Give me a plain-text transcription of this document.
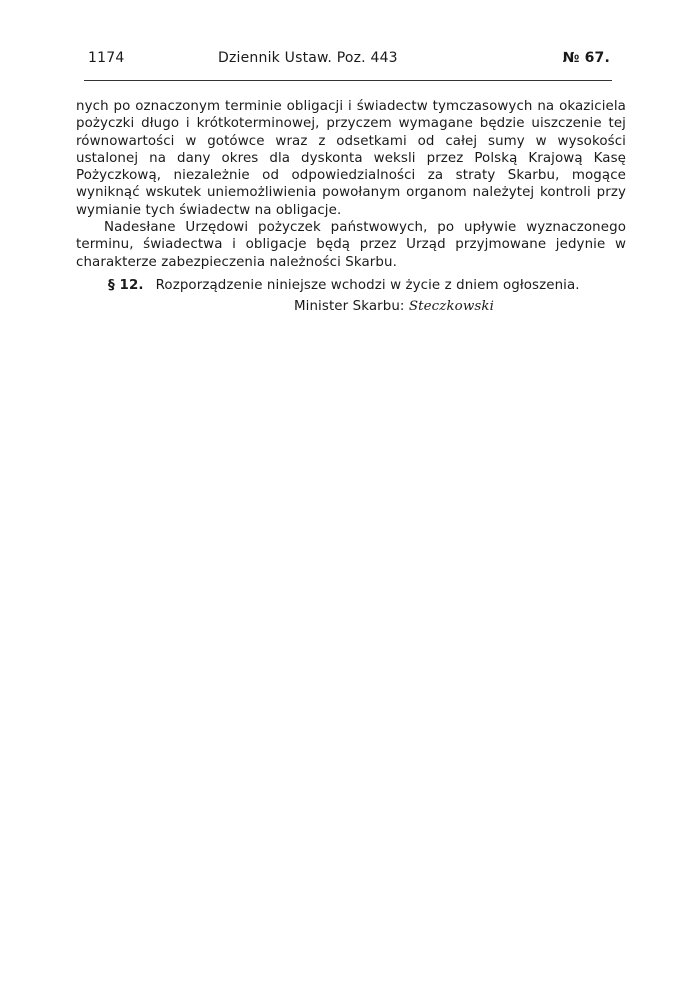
1174	Dziennik Ustaw. Poz. 443	№ 67.

nych po oznaczonym terminie obligacji i świadectw tymczasowych na okaziciela pożyczki długo i krótkoterminowej, przyczem wymagane będzie uiszczenie tej równowartości w gotówce wraz z odsetkami od całej sumy w wysokości ustalonej na dany okres dla dyskonta weksli przez Polską Krajową Kasę Pożyczkową, niezależnie od odpowiedzialności za straty Skarbu, mogące wyniknąć wskutek uniemożliwienia powołanym organom należytej kontroli przy wymianie tych świadectw na obligacje.

Nadesłane Urzędowi pożyczek państwowych, po upływie wyznaczonego terminu, świadectwa i obligacje będą przez Urząd przyjmowane jedynie w charakterze zabezpieczenia należności Skarbu.

§ 12. Rozporządzenie niniejsze wchodzi w życie z dniem ogłoszenia.

Minister Skarbu: Steczkowski
